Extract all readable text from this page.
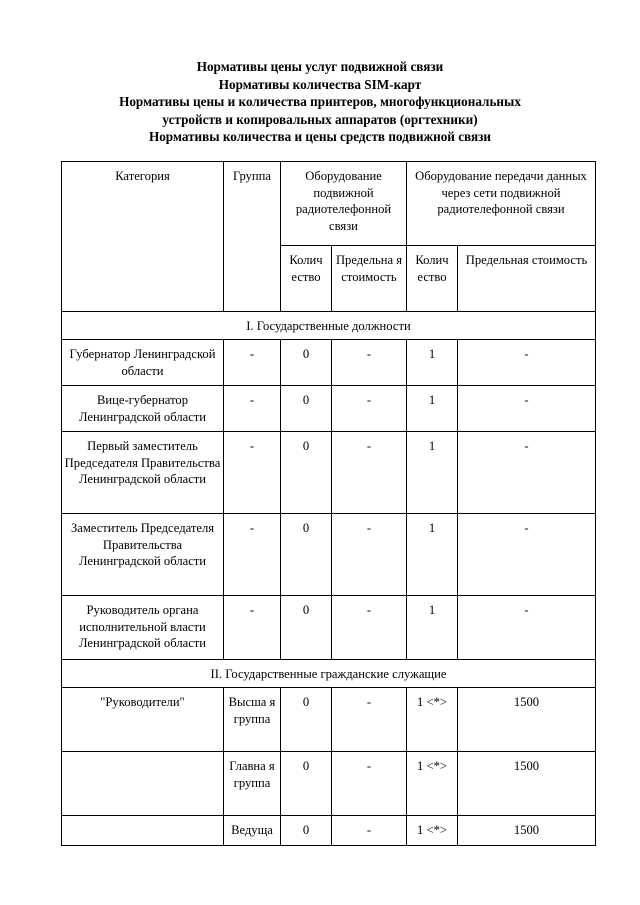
Нормативы цены услуг подвижной связи
Нормативы количества SIM-карт
Нормативы цены и количества принтеров, многофункциональных
устройств и копировальных аппаратов (оргтехники)
Нормативы количества и цены средств подвижной связи
Категория	Группа	Оборудование подвижной радиотелефонной связи		Оборудование передачи данных через сети подвижной радиотелефонной связи	
		Колич ество	Предельна я стоимость	Колич ество	Предельная стоимость
I. Государственные должности					
Губернатор Ленинградской области	-	0	-	1	-
Вице-губернатор Ленинградской области	-	0	-	1	-
Первый заместитель Председателя Правительства Ленинградской области	-	0	-	1	-
Заместитель Председателя Правительства Ленинградской области	-	0	-	1	-
Руководитель органа исполнительной власти Ленинградской области	-	0	-	1	-
II. Государственные гражданские служащие					
"Руководители"	Высша я группа	0	-	1 <*>	1500
	Главна я группа	0	-	1 <*>	1500
	Ведуща	0	-	1 <*>	1500
